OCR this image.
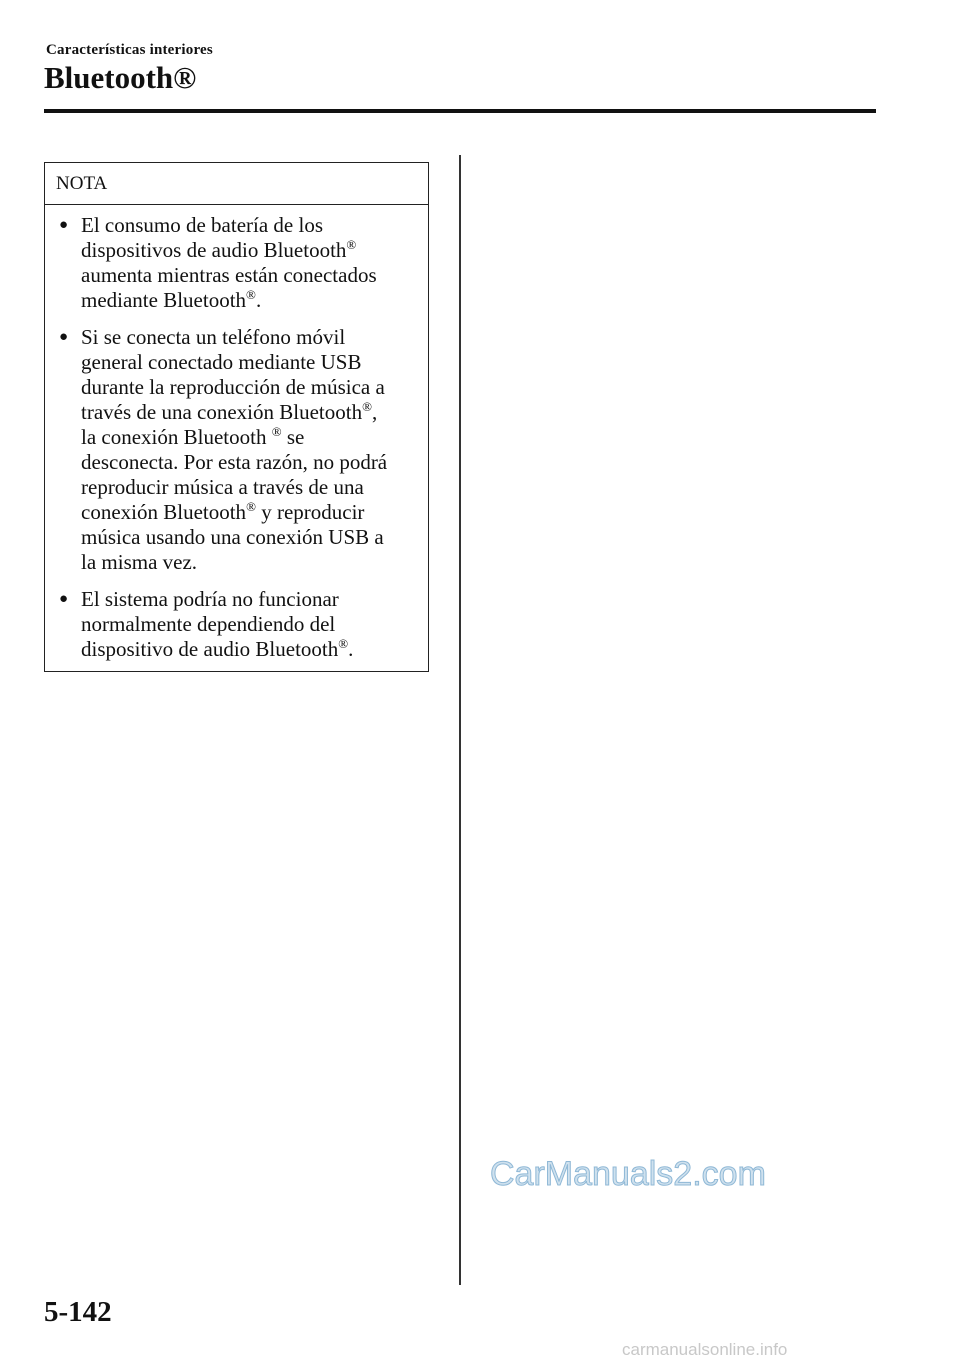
Características interiores
Bluetooth®
NOTA
● El consumo de batería de los
dispositivos de audio Bluetooth®
aumenta mientras están conectados
mediante Bluetooth®.
● Si se conecta un teléfono móvil
general conectado mediante USB
durante la reproducción de música a
través de una conexión Bluetooth®,
la conexión Bluetooth ® se
desconecta. Por esta razón, no podrá
reproducir música a través de una
conexión Bluetooth® y reproducir
música usando una conexión USB a
la misma vez.
● El sistema podría no funcionar
normalmente dependiendo del
dispositivo de audio Bluetooth®.
CarManuals2.com
5-142
carmanualsonline.info
